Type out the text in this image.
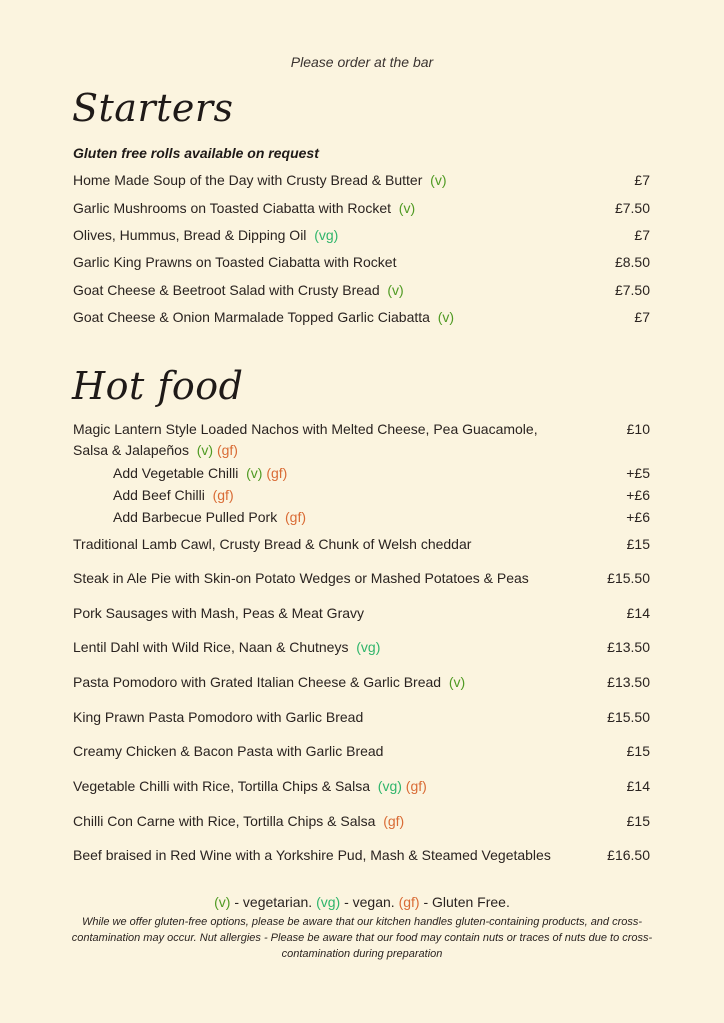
Please order at the bar
Starters
Gluten free rolls available on request
Home Made Soup of the Day with Crusty Bread & Butter (v)	£7
Garlic Mushrooms on Toasted Ciabatta with Rocket (v)	£7.50
Olives, Hummus, Bread & Dipping Oil (vg)	£7
Garlic King Prawns on Toasted Ciabatta with Rocket	£8.50
Goat Cheese & Beetroot Salad with Crusty Bread (v)	£7.50
Goat Cheese & Onion Marmalade Topped Garlic Ciabatta (v)	£7
Hot food
Magic Lantern Style Loaded Nachos with Melted Cheese, Pea Guacamole,
Salsa & Jalapeños (v) (gf)
£10
Add Vegetable Chilli (v) (gf)	+£5
Add Beef Chilli (gf)	+£6
Add Barbecue Pulled Pork (gf)	+£6
Traditional Lamb Cawl, Crusty Bread & Chunk of Welsh cheddar	£15
Steak in Ale Pie with Skin-on Potato Wedges or Mashed Potatoes & Peas	£15.50
Pork Sausages with Mash, Peas & Meat Gravy	£14
Lentil Dahl with Wild Rice, Naan & Chutneys (vg)	£13.50
Pasta Pomodoro with Grated Italian Cheese & Garlic Bread (v)	£13.50
King Prawn Pasta Pomodoro with Garlic Bread	£15.50
Creamy Chicken & Bacon Pasta with Garlic Bread	£15
Vegetable Chilli with Rice, Tortilla Chips & Salsa (vg) (gf)	£14
Chilli Con Carne with Rice, Tortilla Chips & Salsa (gf)	£15
Beef braised in Red Wine with a Yorkshire Pud, Mash & Steamed Vegetables	£16.50
(v) - vegetarian. (vg) - vegan. (gf) - Gluten Free.
While we offer gluten-free options, please be aware that our kitchen handles gluten-containing products, and cross-contamination may occur. Nut allergies - Please be aware that our food may contain nuts or traces of nuts due to cross-contamination during preparation
